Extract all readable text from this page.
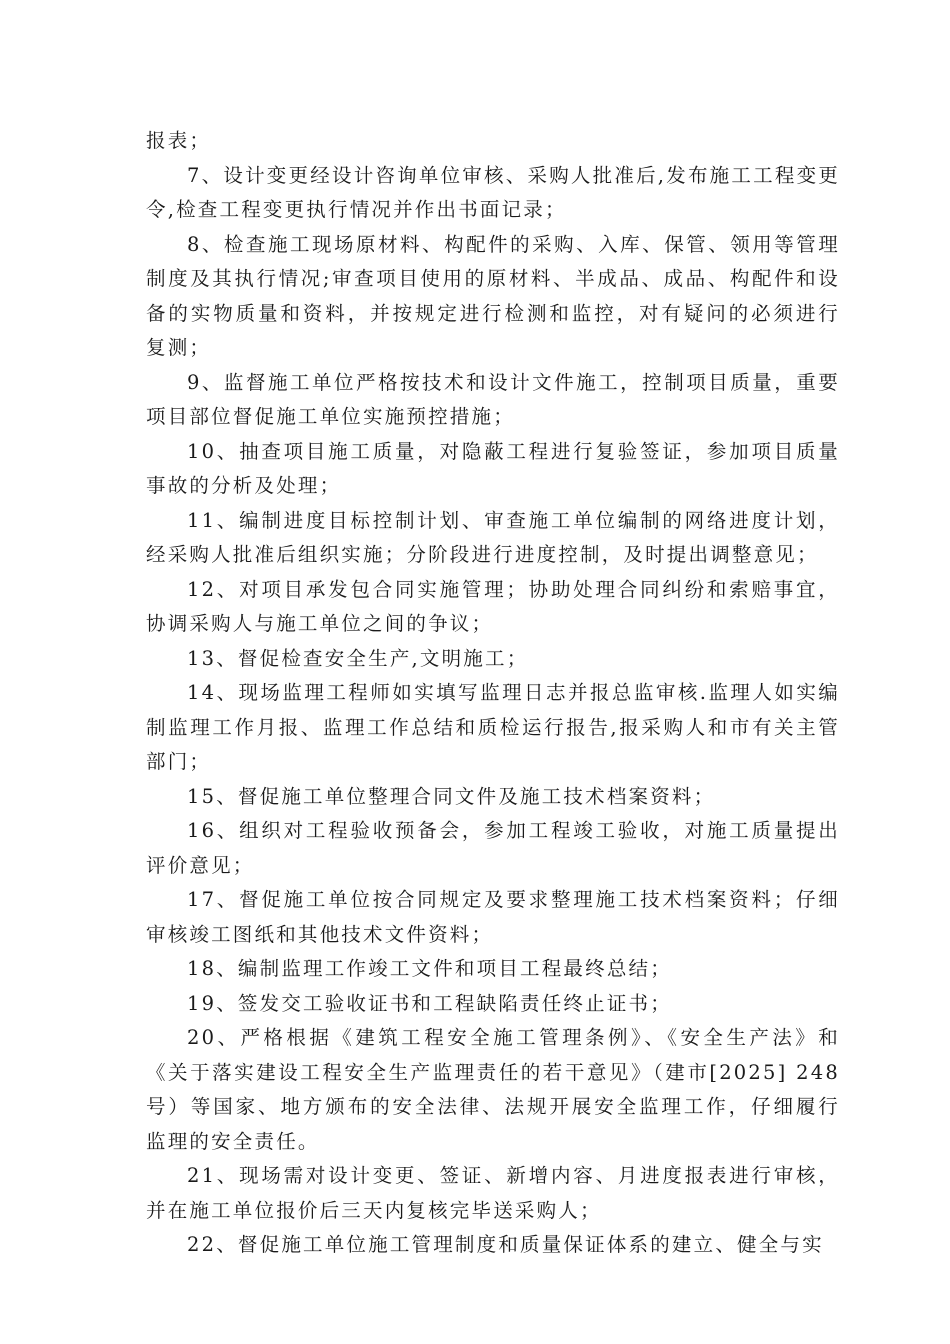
报表；

7、设计变更经设计咨询单位审核、采购人批准后,发布施工工程变更令,检查工程变更执行情况并作出书面记录；

8、检查施工现场原材料、构配件的采购、入库、保管、领用等管理制度及其执行情况;审查项目使用的原材料、半成品、成品、构配件和设备的实物质量和资料，并按规定进行检测和监控，对有疑问的必须进行复测；

9、监督施工单位严格按技术和设计文件施工，控制项目质量，重要项目部位督促施工单位实施预控措施；

10、抽查项目施工质量，对隐蔽工程进行复验签证，参加项目质量事故的分析及处理；

11、编制进度目标控制计划、审查施工单位编制的网络进度计划，经采购人批准后组织实施；分阶段进行进度控制，及时提出调整意见；

12、对项目承发包合同实施管理；协助处理合同纠纷和索赔事宜，协调采购人与施工单位之间的争议；

13、督促检查安全生产,文明施工；

14、现场监理工程师如实填写监理日志并报总监审核.监理人如实编制监理工作月报、监理工作总结和质检运行报告,报采购人和市有关主管部门；

15、督促施工单位整理合同文件及施工技术档案资料；

16、组织对工程验收预备会，参加工程竣工验收，对施工质量提出评价意见；

17、督促施工单位按合同规定及要求整理施工技术档案资料；仔细审核竣工图纸和其他技术文件资料；

18、编制监理工作竣工文件和项目工程最终总结；

19、签发交工验收证书和工程缺陷责任终止证书；

20、严格根据《建筑工程安全施工管理条例》、《安全生产法》和《关于落实建设工程安全生产监理责任的若干意见》（建市[2025] 248号）等国家、地方颁布的安全法律、法规开展安全监理工作，仔细履行监理的安全责任。

21、现场需对设计变更、签证、新增内容、月进度报表进行审核，并在施工单位报价后三天内复核完毕送采购人；

22、督促施工单位施工管理制度和质量保证体系的建立、健全与实
